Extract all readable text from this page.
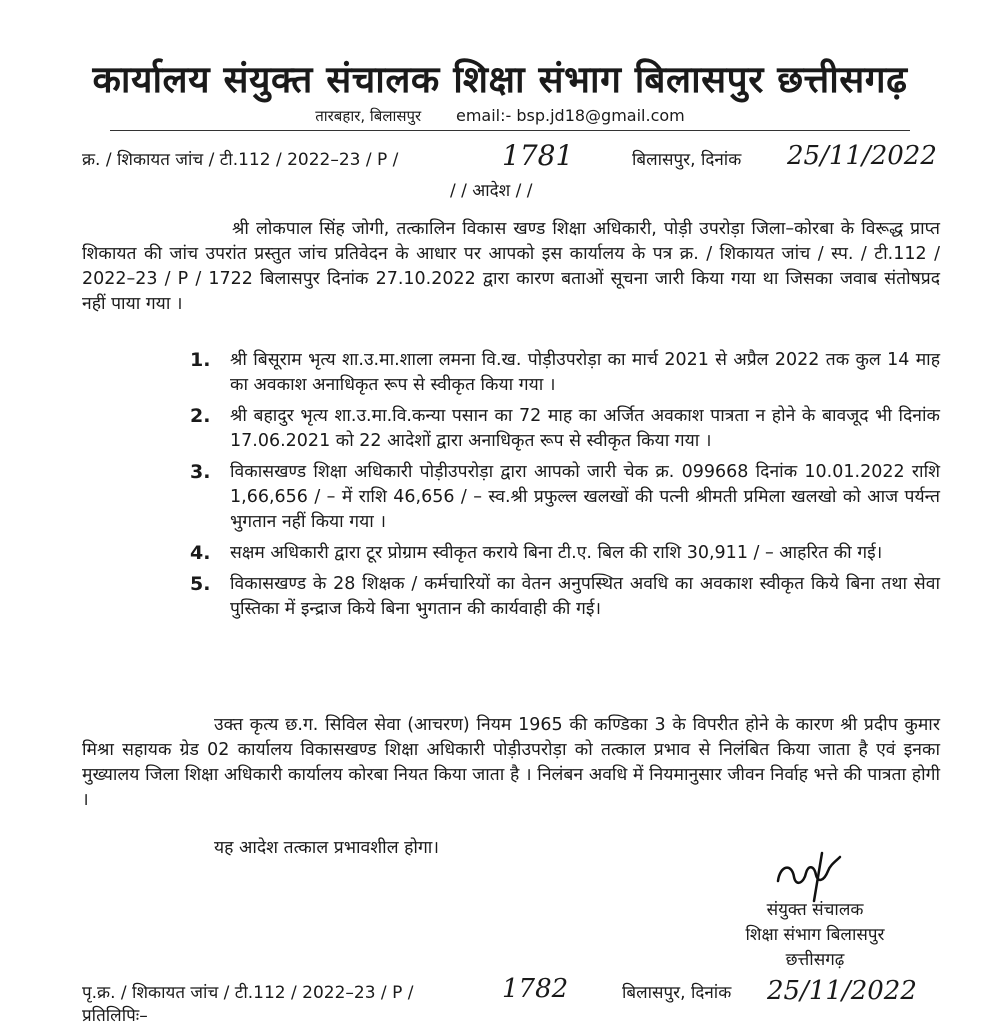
कार्यालय संयुक्त संचालक शिक्षा संभाग बिलासपुर छत्तीसगढ़
तारबहार, बिलासपुर email:- bsp.jd18@gmail.com
क्र. / शिकायत जांच / टी.112 / 2022–23 / P /	1781	बिलासपुर, दिनांक 25/11/2022
/ / आदेश / /
श्री लोकपाल सिंह जोगी, तत्कालिन विकास खण्ड शिक्षा अधिकारी, पोड़ी उपरोड़ा जिला–कोरबा के विरूद्ध प्राप्त शिकायत की जांच उपरांत प्रस्तुत जांच प्रतिवेदन के आधार पर आपको इस कार्यालय के पत्र क्र. / शिकायत जांच / स्प. / टी.112 / 2022–23 / P / 1722 बिलासपुर दिनांक 27.10.2022 द्वारा कारण बताओं सूचना जारी किया गया था जिसका जवाब संतोषप्रद नहीं पाया गया ।
1. श्री बिसूराम भृत्य शा.उ.मा.शाला लमना वि.ख. पोड़ीउपरोड़ा का मार्च 2021 से अप्रैल 2022 तक कुल 14 माह का अवकाश अनाधिकृत रूप से स्वीकृत किया गया ।
2. श्री बहादुर भृत्य शा.उ.मा.वि.कन्या पसान का 72 माह का अर्जित अवकाश पात्रता न होने के बावजूद भी दिनांक 17.06.2021 को 22 आदेशों द्वारा अनाधिकृत रूप से स्वीकृत किया गया ।
3. विकासखण्ड शिक्षा अधिकारी पोड़ीउपरोड़ा द्वारा आपको जारी चेक क्र. 099668 दिनांक 10.01.2022 राशि 1,66,656 / – में राशि 46,656 / – स्व.श्री प्रफुल्ल खलखों की पत्नी श्रीमती प्रमिला खलखो को आज पर्यन्त भुगतान नहीं किया गया ।
4. सक्षम अधिकारी द्वारा टूर प्रोग्राम स्वीकृत कराये बिना टी.ए. बिल की राशि 30,911 / – आहरित की गई।
5. विकासखण्ड के 28 शिक्षक / कर्मचारियों का वेतन अनुपस्थित अवधि का अवकाश स्वीकृत किये बिना तथा सेवा पुस्तिका में इन्द्राज किये बिना भुगतान की कार्यवाही की गई।
उक्त कृत्य छ.ग. सिविल सेवा (आचरण) नियम 1965 की कण्डिका 3 के विपरीत होने के कारण श्री प्रदीप कुमार मिश्रा सहायक ग्रेड 02 कार्यालय विकासखण्ड शिक्षा अधिकारी पोड़ीउपरोड़ा को तत्काल प्रभाव से निलंबित किया जाता है एवं इनका मुख्यालय जिला शिक्षा अधिकारी कार्यालय कोरबा नियत किया जाता है । निलंबन अवधि में नियमानुसार जीवन निर्वाह भत्ते की पात्रता होगी ।
यह आदेश तत्काल प्रभावशील होगा।
संयुक्त संचालक
शिक्षा संभाग बिलासपुर
छत्तीसगढ़
पृ.क्र. / शिकायत जांच / टी.112 / 2022–23 / P /	1782	बिलासपुर, दिनांक 25/11/2022
प्रतिलिपिः–
